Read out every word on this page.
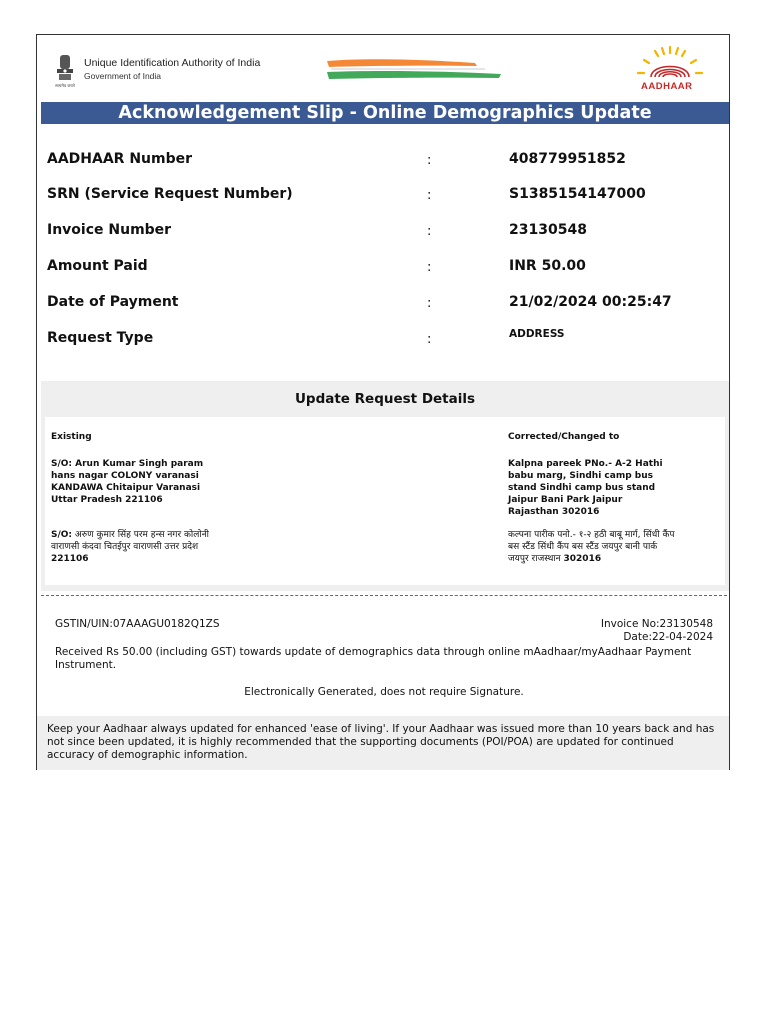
सत्यमेव जयते
Unique Identification Authority of India
Government of India
AADHAAR
Acknowledgement Slip - Online Demographics Update
AADHAAR Number	:	408779951852
SRN (Service Request Number)	:	S1385154147000
Invoice Number	:	23130548
Amount Paid	:	INR 50.00
Date of Payment	:	21/02/2024 00:25:47
Request Type	:	ADDRESS
Update Request Details
Existing
S/O: Arun Kumar Singh param hans nagar COLONY varanasi KANDAWA Chitaipur Varanasi Uttar Pradesh 221106
S/O: अरुण कुमार सिंह परम हन्स नगर कोलोनी वाराणसी कंदवा चितईपुर वाराणसी उत्तर प्रदेश 221106
Corrected/Changed to
Kalpna pareek PNo.- A-2 Hathi babu marg, Sindhi camp bus stand Sindhi camp bus stand Jaipur Bani Park Jaipur Rajasthan 302016
कल्पना पारीक पनो.- १-२ हठी बाबू मार्ग, सिंधी कैंप बस स्टैंड सिंधी कैंप बस स्टैंड जयपुर बानी पार्क जयपुर राजस्थान 302016
GSTIN/UIN:07AAAGU0182Q1ZS	Invoice No:23130548
Date:22-04-2024
Received Rs 50.00 (including GST) towards update of demographics data through online mAadhaar/myAadhaar Payment Instrument.
Electronically Generated, does not require Signature.

Keep your Aadhaar always updated for enhanced 'ease of living'. If your Aadhaar was issued more than 10 years back and has not since been updated, it is highly recommended that the supporting documents (POI/POA) are updated for continued accuracy of demographic information.
